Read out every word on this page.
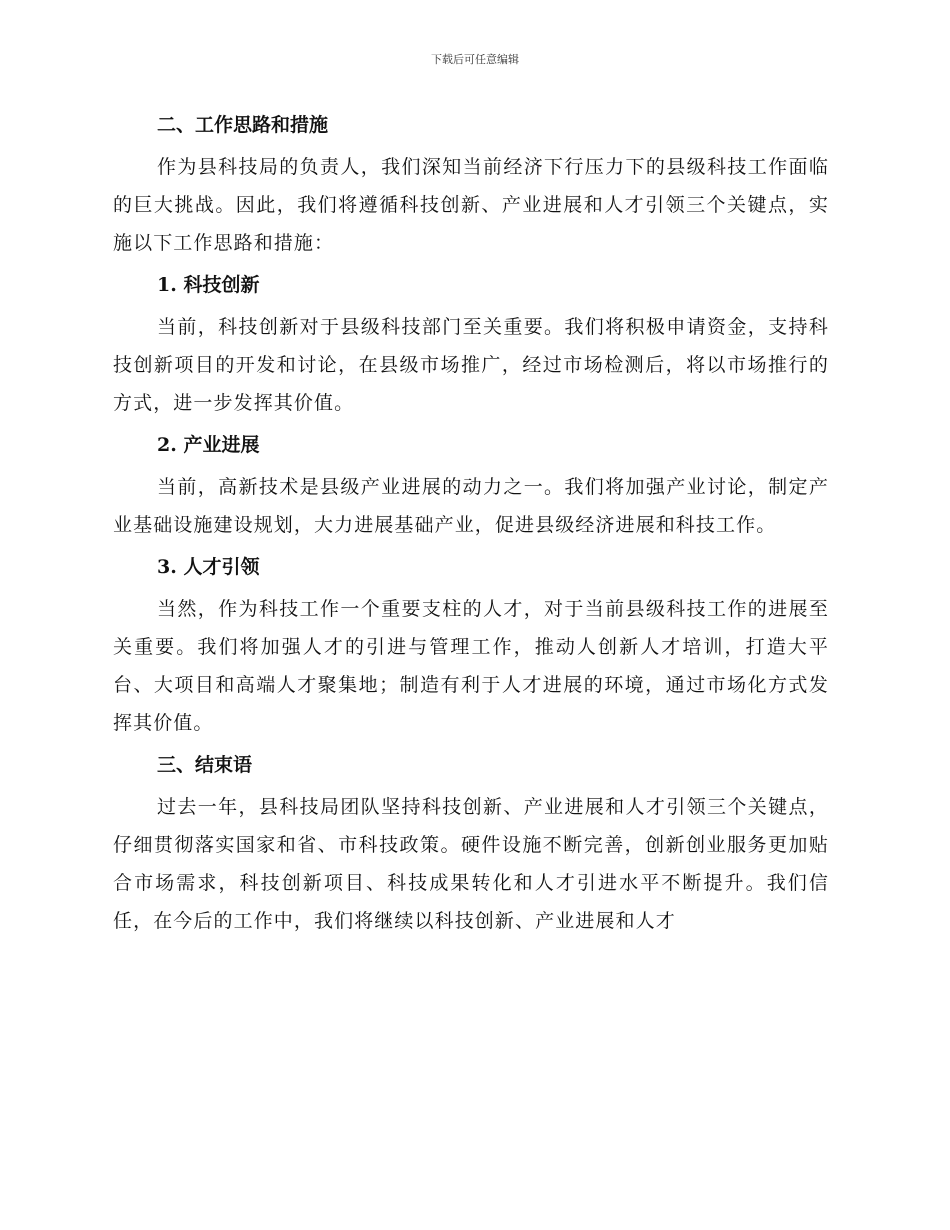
下载后可任意编辑
二、工作思路和措施
作为县科技局的负责人，我们深知当前经济下行压力下的县级科技工作面临的巨大挑战。因此，我们将遵循科技创新、产业进展和人才引领三个关键点，实施以下工作思路和措施：
1. 科技创新
当前，科技创新对于县级科技部门至关重要。我们将积极申请资金，支持科技创新项目的开发和讨论，在县级市场推广，经过市场检测后，将以市场推行的方式，进一步发挥其价值。
2. 产业进展
当前，高新技术是县级产业进展的动力之一。我们将加强产业讨论，制定产业基础设施建设规划，大力进展基础产业，促进县级经济进展和科技工作。
3. 人才引领
当然，作为科技工作一个重要支柱的人才，对于当前县级科技工作的进展至关重要。我们将加强人才的引进与管理工作，推动人创新人才培训，打造大平台、大项目和高端人才聚集地；制造有利于人才进展的环境，通过市场化方式发挥其价值。
三、结束语
过去一年，县科技局团队坚持科技创新、产业进展和人才引领三个关键点，仔细贯彻落实国家和省、市科技政策。硬件设施不断完善，创新创业服务更加贴合市场需求，科技创新项目、科技成果转化和人才引进水平不断提升。我们信任，在今后的工作中，我们将继续以科技创新、产业进展和人才
